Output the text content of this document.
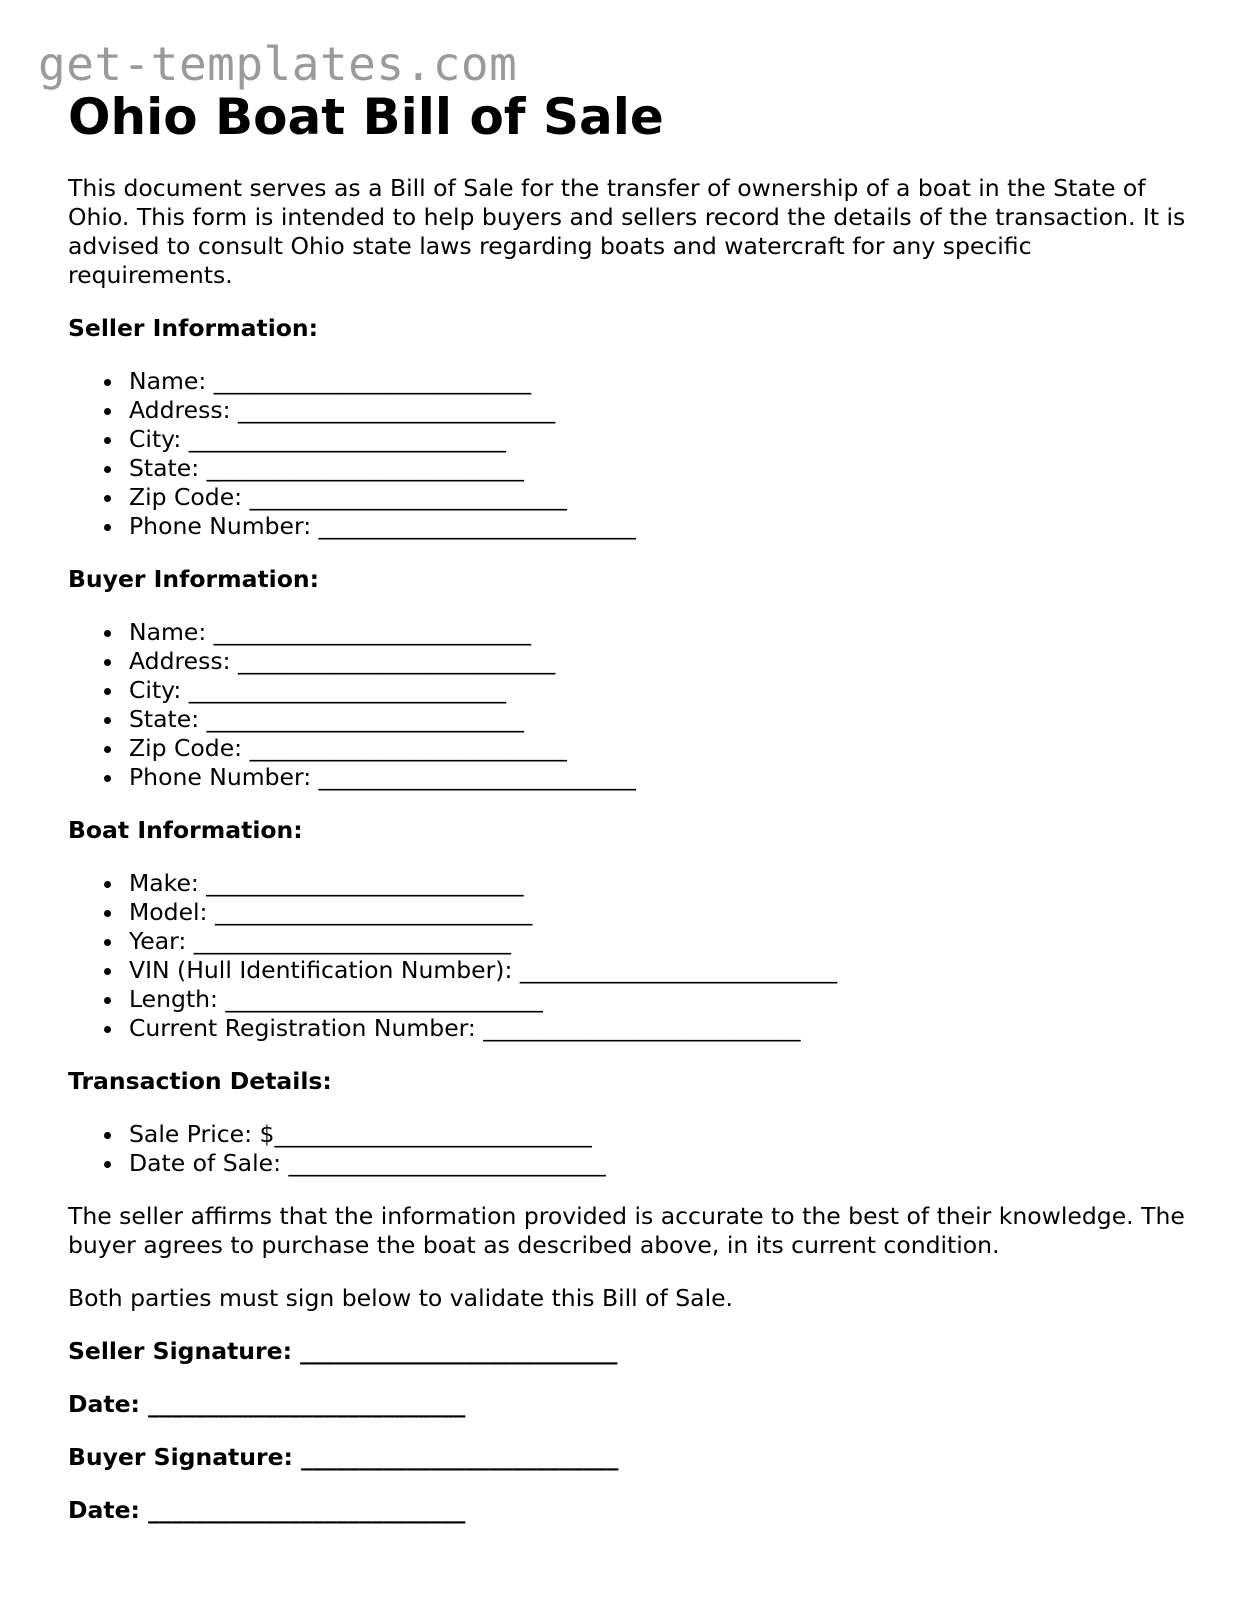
get-templates.com
Ohio Boat Bill of Sale

This document serves as a Bill of Sale for the transfer of ownership of a boat in the State of Ohio. This form is intended to help buyers and sellers record the details of the transaction. It is advised to consult Ohio state laws regarding boats and watercraft for any specific requirements.

Seller Information:
Name: ___________________________
Address: ___________________________
City: ___________________________
State: ___________________________
Zip Code: ___________________________
Phone Number: ___________________________
Buyer Information:
Name: ___________________________
Address: ___________________________
City: ___________________________
State: ___________________________
Zip Code: ___________________________
Phone Number: ___________________________
Boat Information:
Make: ___________________________
Model: ___________________________
Year: ___________________________
VIN (Hull Identification Number): ___________________________
Length: ___________________________
Current Registration Number: ___________________________
Transaction Details:
Sale Price: $___________________________
Date of Sale: ___________________________

The seller affirms that the information provided is accurate to the best of their knowledge. The buyer agrees to purchase the boat as described above, in its current condition.

Both parties must sign below to validate this Bill of Sale.

Seller Signature: ___________________________
Date: ___________________________
Buyer Signature: ___________________________
Date: ___________________________
